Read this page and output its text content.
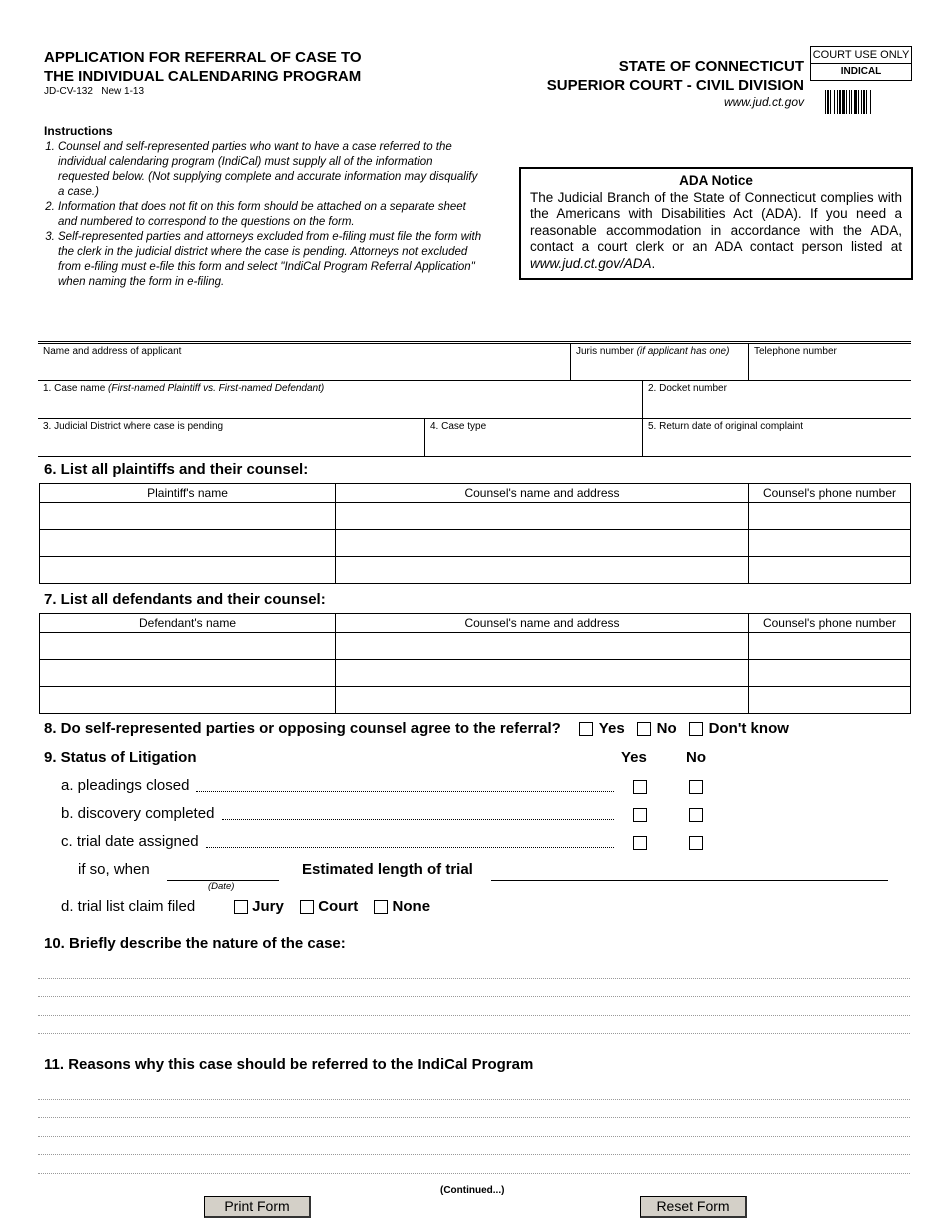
APPLICATION FOR REFERRAL OF CASE TO
THE INDIVIDUAL CALENDARING PROGRAM
JD-CV-132   New 1-13
STATE OF CONNECTICUT
SUPERIOR COURT - CIVIL DIVISION
www.jud.ct.gov
COURT USE ONLY
INDICAL
Instructions
1. Counsel and self-represented parties who want to have a case referred to the individual calendaring program (IndiCal) must supply all of the information requested below. (Not supplying complete and accurate information may disqualify a case.)
2. Information that does not fit on this form should be attached on a separate sheet and numbered to correspond to the questions on the form.
3. Self-represented parties and attorneys excluded from e-filing must file the form with the clerk in the judicial district where the case is pending. Attorneys not excluded from e-filing must e-file this form and select "IndiCal Program Referral Application" when naming the form in e-filing.
ADA Notice

The Judicial Branch of the State of Connecticut complies with the Americans with Disabilities Act (ADA). If you need a reasonable accommodation in accordance with the ADA, contact a court clerk or an ADA contact person listed at www.jud.ct.gov/ADA.

Name and address of applicant	Juris number (if applicant has one)	Telephone number
1. Case name (First-named Plaintiff vs. First-named Defendant)	2. Docket number
3. Judicial District where case is pending	4. Case type	5. Return date of original complaint
6. List all plaintiffs and their counsel:
Plaintiff's name	Counsel's name and address	Counsel's phone number

7. List all defendants and their counsel:
Defendant's name	Counsel's name and address	Counsel's phone number

8. Do self-represented parties or opposing counsel agree to the referral?	Yes No Don't know
9. Status of Litigation	Yes	No
a. pleadings closed
b. discovery completed
c. trial date assigned
if so, when
(Date)
Estimated length of trial
d. trial list claim filed	Jury Court None
10. Briefly describe the nature of the case:
11. Reasons why this case should be referred to the IndiCal Program
(Continued...)
Print Form	Reset Form
